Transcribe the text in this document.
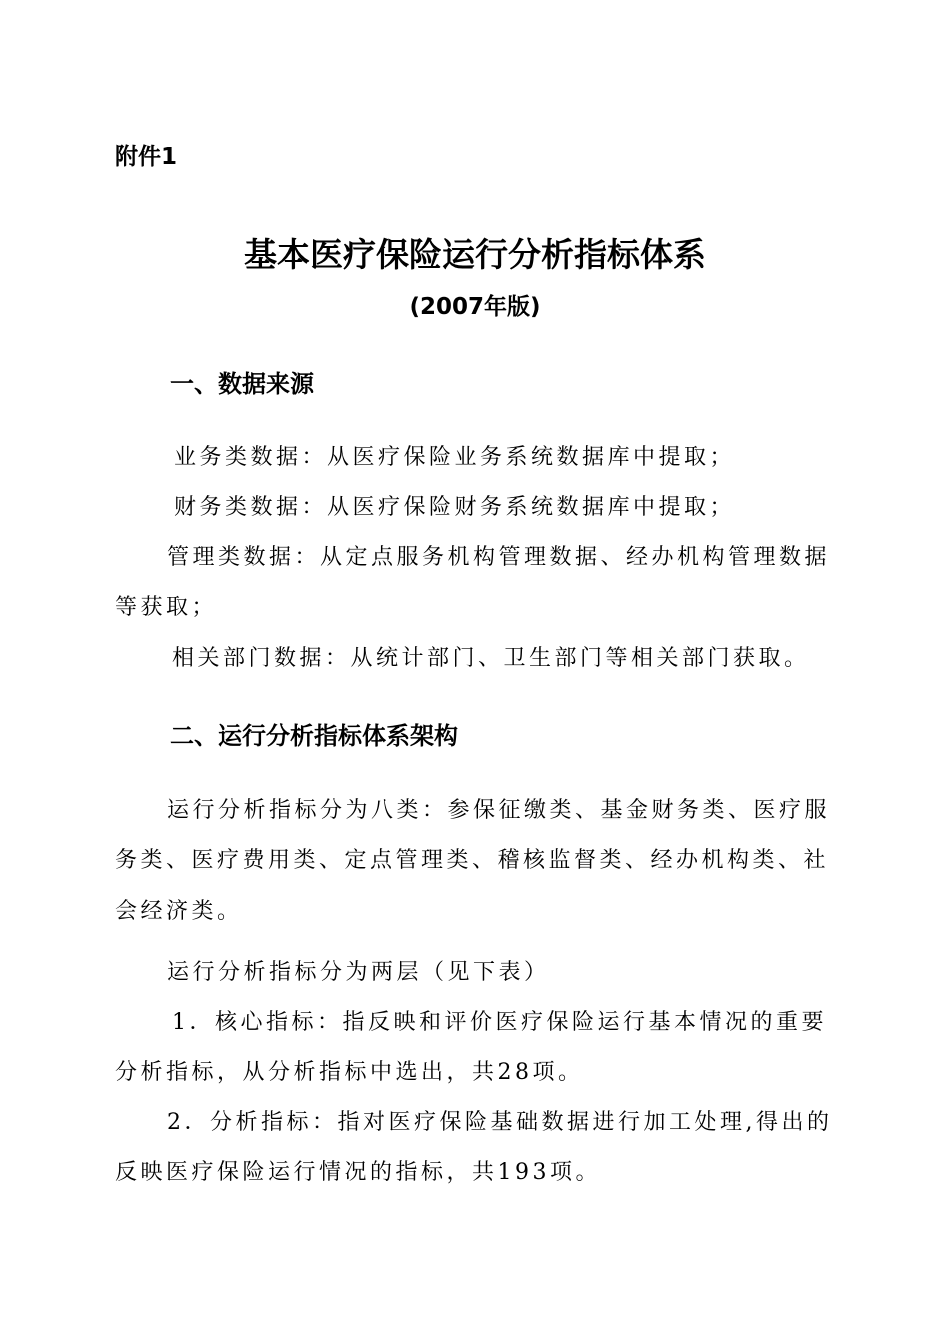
附件1
基本医疗保险运行分析指标体系
(2007年版)
一、数据来源
业务类数据：从医疗保险业务系统数据库中提取；
财务类数据：从医疗保险财务系统数据库中提取；
管理类数据：从定点服务机构管理数据、经办机构管理数据
等获取；
相关部门数据：从统计部门、卫生部门等相关部门获取。
二、运行分析指标体系架构
运行分析指标分为八类：参保征缴类、基金财务类、医疗服
务类、医疗费用类、定点管理类、稽核监督类、经办机构类、社
会经济类。
运行分析指标分为两层（见下表）
1．核心指标：指反映和评价医疗保险运行基本情况的重要
分析指标，从分析指标中选出，共28项。
2．分析指标：指对医疗保险基础数据进行加工处理,得出的
反映医疗保险运行情况的指标，共193项。
